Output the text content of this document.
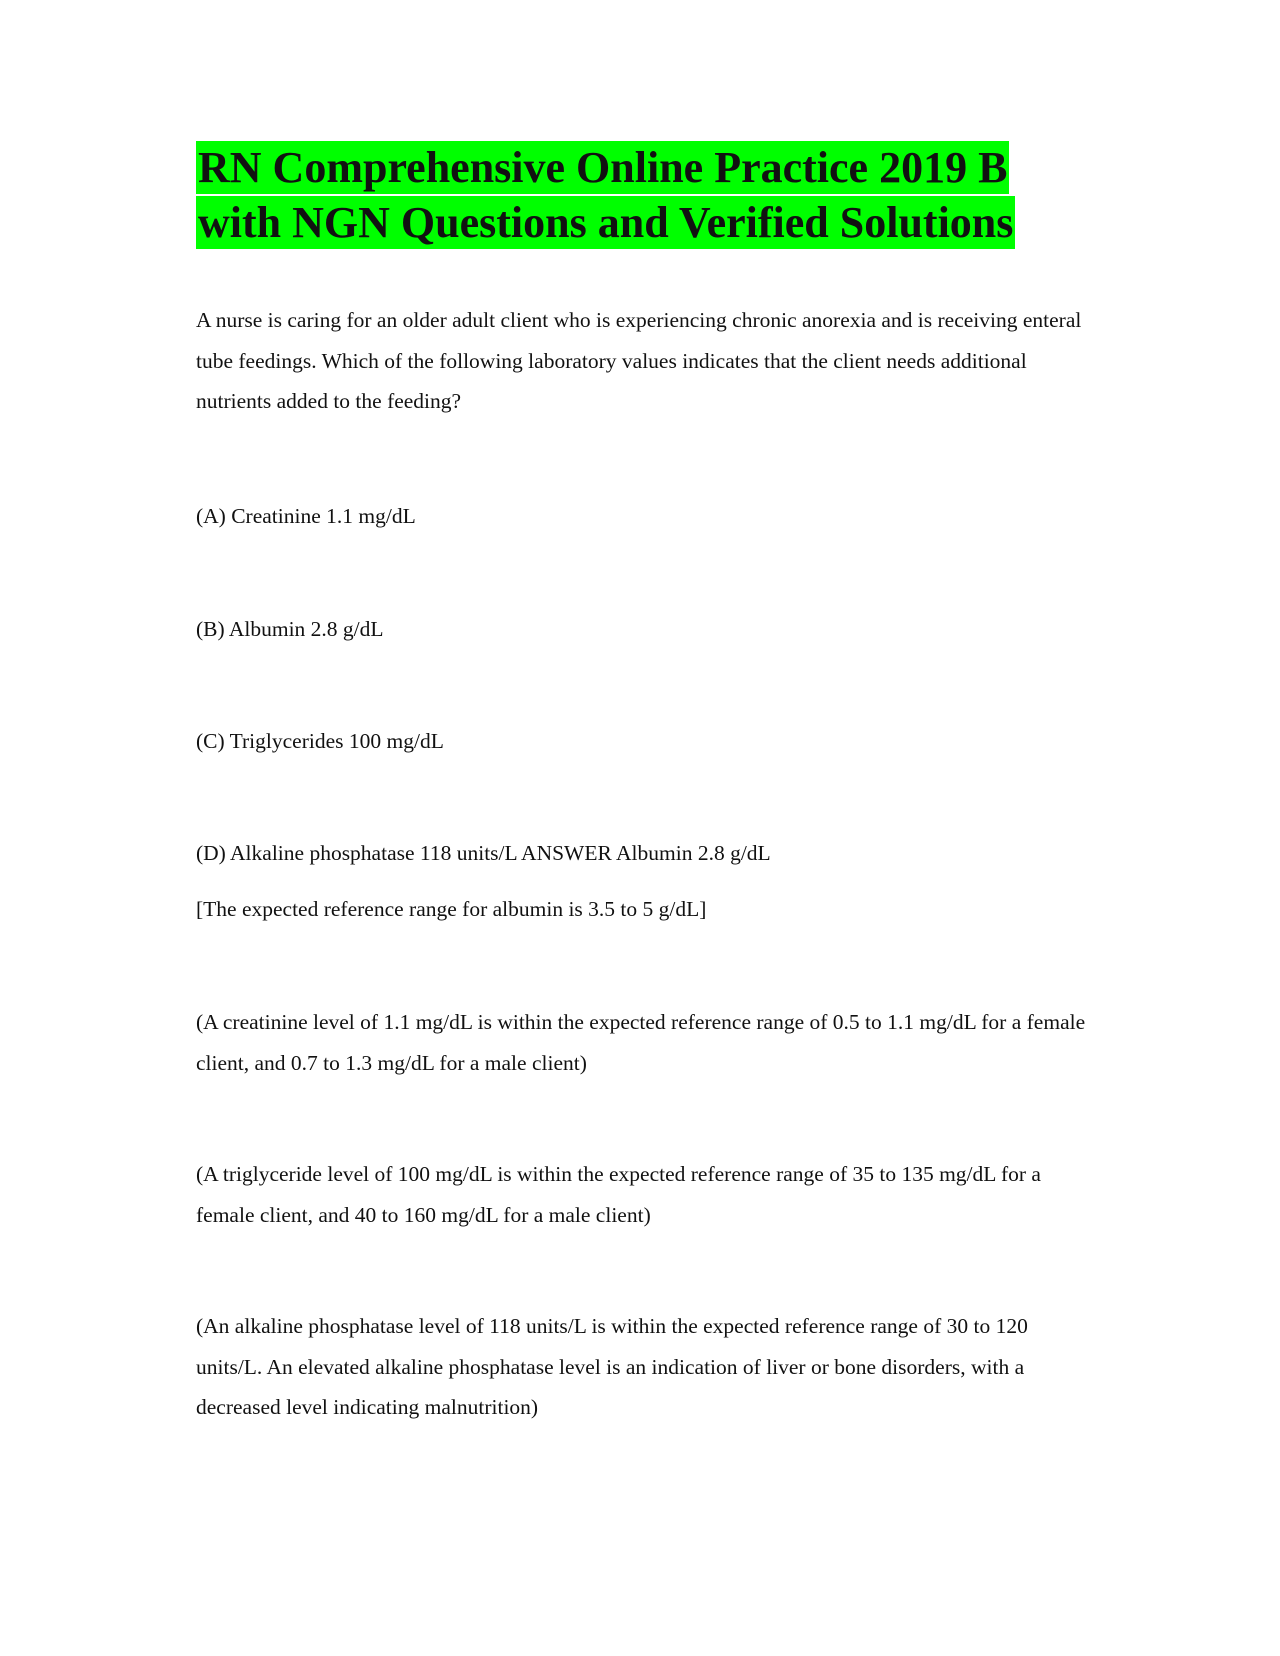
RN Comprehensive Online Practice 2019 B
with NGN Questions and Verified Solutions

A nurse is caring for an older adult client who is experiencing chronic anorexia and is receiving enteral tube feedings. Which of the following laboratory values indicates that the client needs additional nutrients added to the feeding?

(A) Creatinine 1.1 mg/dL

(B) Albumin 2.8 g/dL

(C) Triglycerides 100 mg/dL

(D) Alkaline phosphatase 118 units/L ANSWER Albumin 2.8 g/dL

[The expected reference range for albumin is 3.5 to 5 g/dL]

(A creatinine level of 1.1 mg/dL is within the expected reference range of 0.5 to 1.1 mg/dL for a female client, and 0.7 to 1.3 mg/dL for a male client)

(A triglyceride level of 100 mg/dL is within the expected reference range of 35 to 135 mg/dL for a female client, and 40 to 160 mg/dL for a male client)

(An alkaline phosphatase level of 118 units/L is within the expected reference range of 30 to 120 units/L. An elevated alkaline phosphatase level is an indication of liver or bone disorders, with a decreased level indicating malnutrition)
